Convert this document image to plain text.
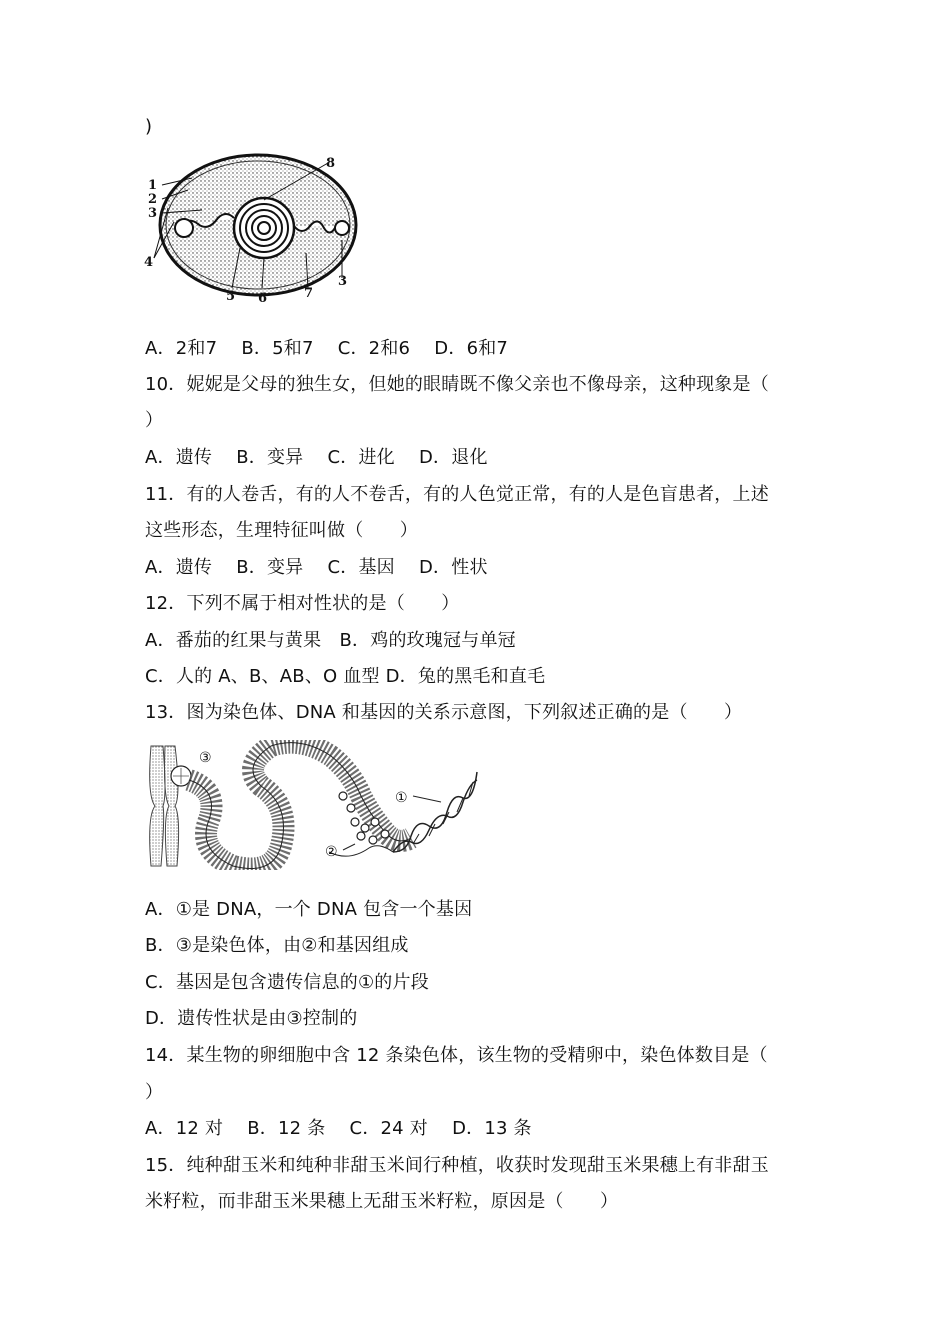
)
1
2
3
4
5 6	7
8
3
A．2和7　 B．5和7　 C．2和6　 D．6和7
10．妮妮是父母的独生女，但她的眼睛既不像父亲也不像母亲，这种现象是（
）
A．遗传　 B．变异　 C．进化　 D．退化
11．有的人卷舌，有的人不卷舌，有的人色觉正常，有的人是色盲患者，上述
这些形态，生理特征叫做（　　）
A．遗传　 B．变异　 C．基因　 D．性状
12．下列不属于相对性状的是（　　）
A．番茄的红果与黄果　B．鸡的玫瑰冠与单冠
C．人的 A、B、AB、O 血型 D．兔的黑毛和直毛
13．图为染色体、DNA 和基因的关系示意图，下列叙述正确的是（　　）
③
②
①
A．①是 DNA，一个 DNA 包含一个基因
B．③是染色体，由②和基因组成
C．基因是包含遗传信息的①的片段
D．遗传性状是由③控制的
14．某生物的卵细胞中含 12 条染色体，该生物的受精卵中，染色体数目是（
）
A．12 对　 B．12 条　 C．24 对　 D．13 条
15．纯种甜玉米和纯种非甜玉米间行种植，收获时发现甜玉米果穗上有非甜玉
米籽粒，而非甜玉米果穗上无甜玉米籽粒，原因是（　　）
